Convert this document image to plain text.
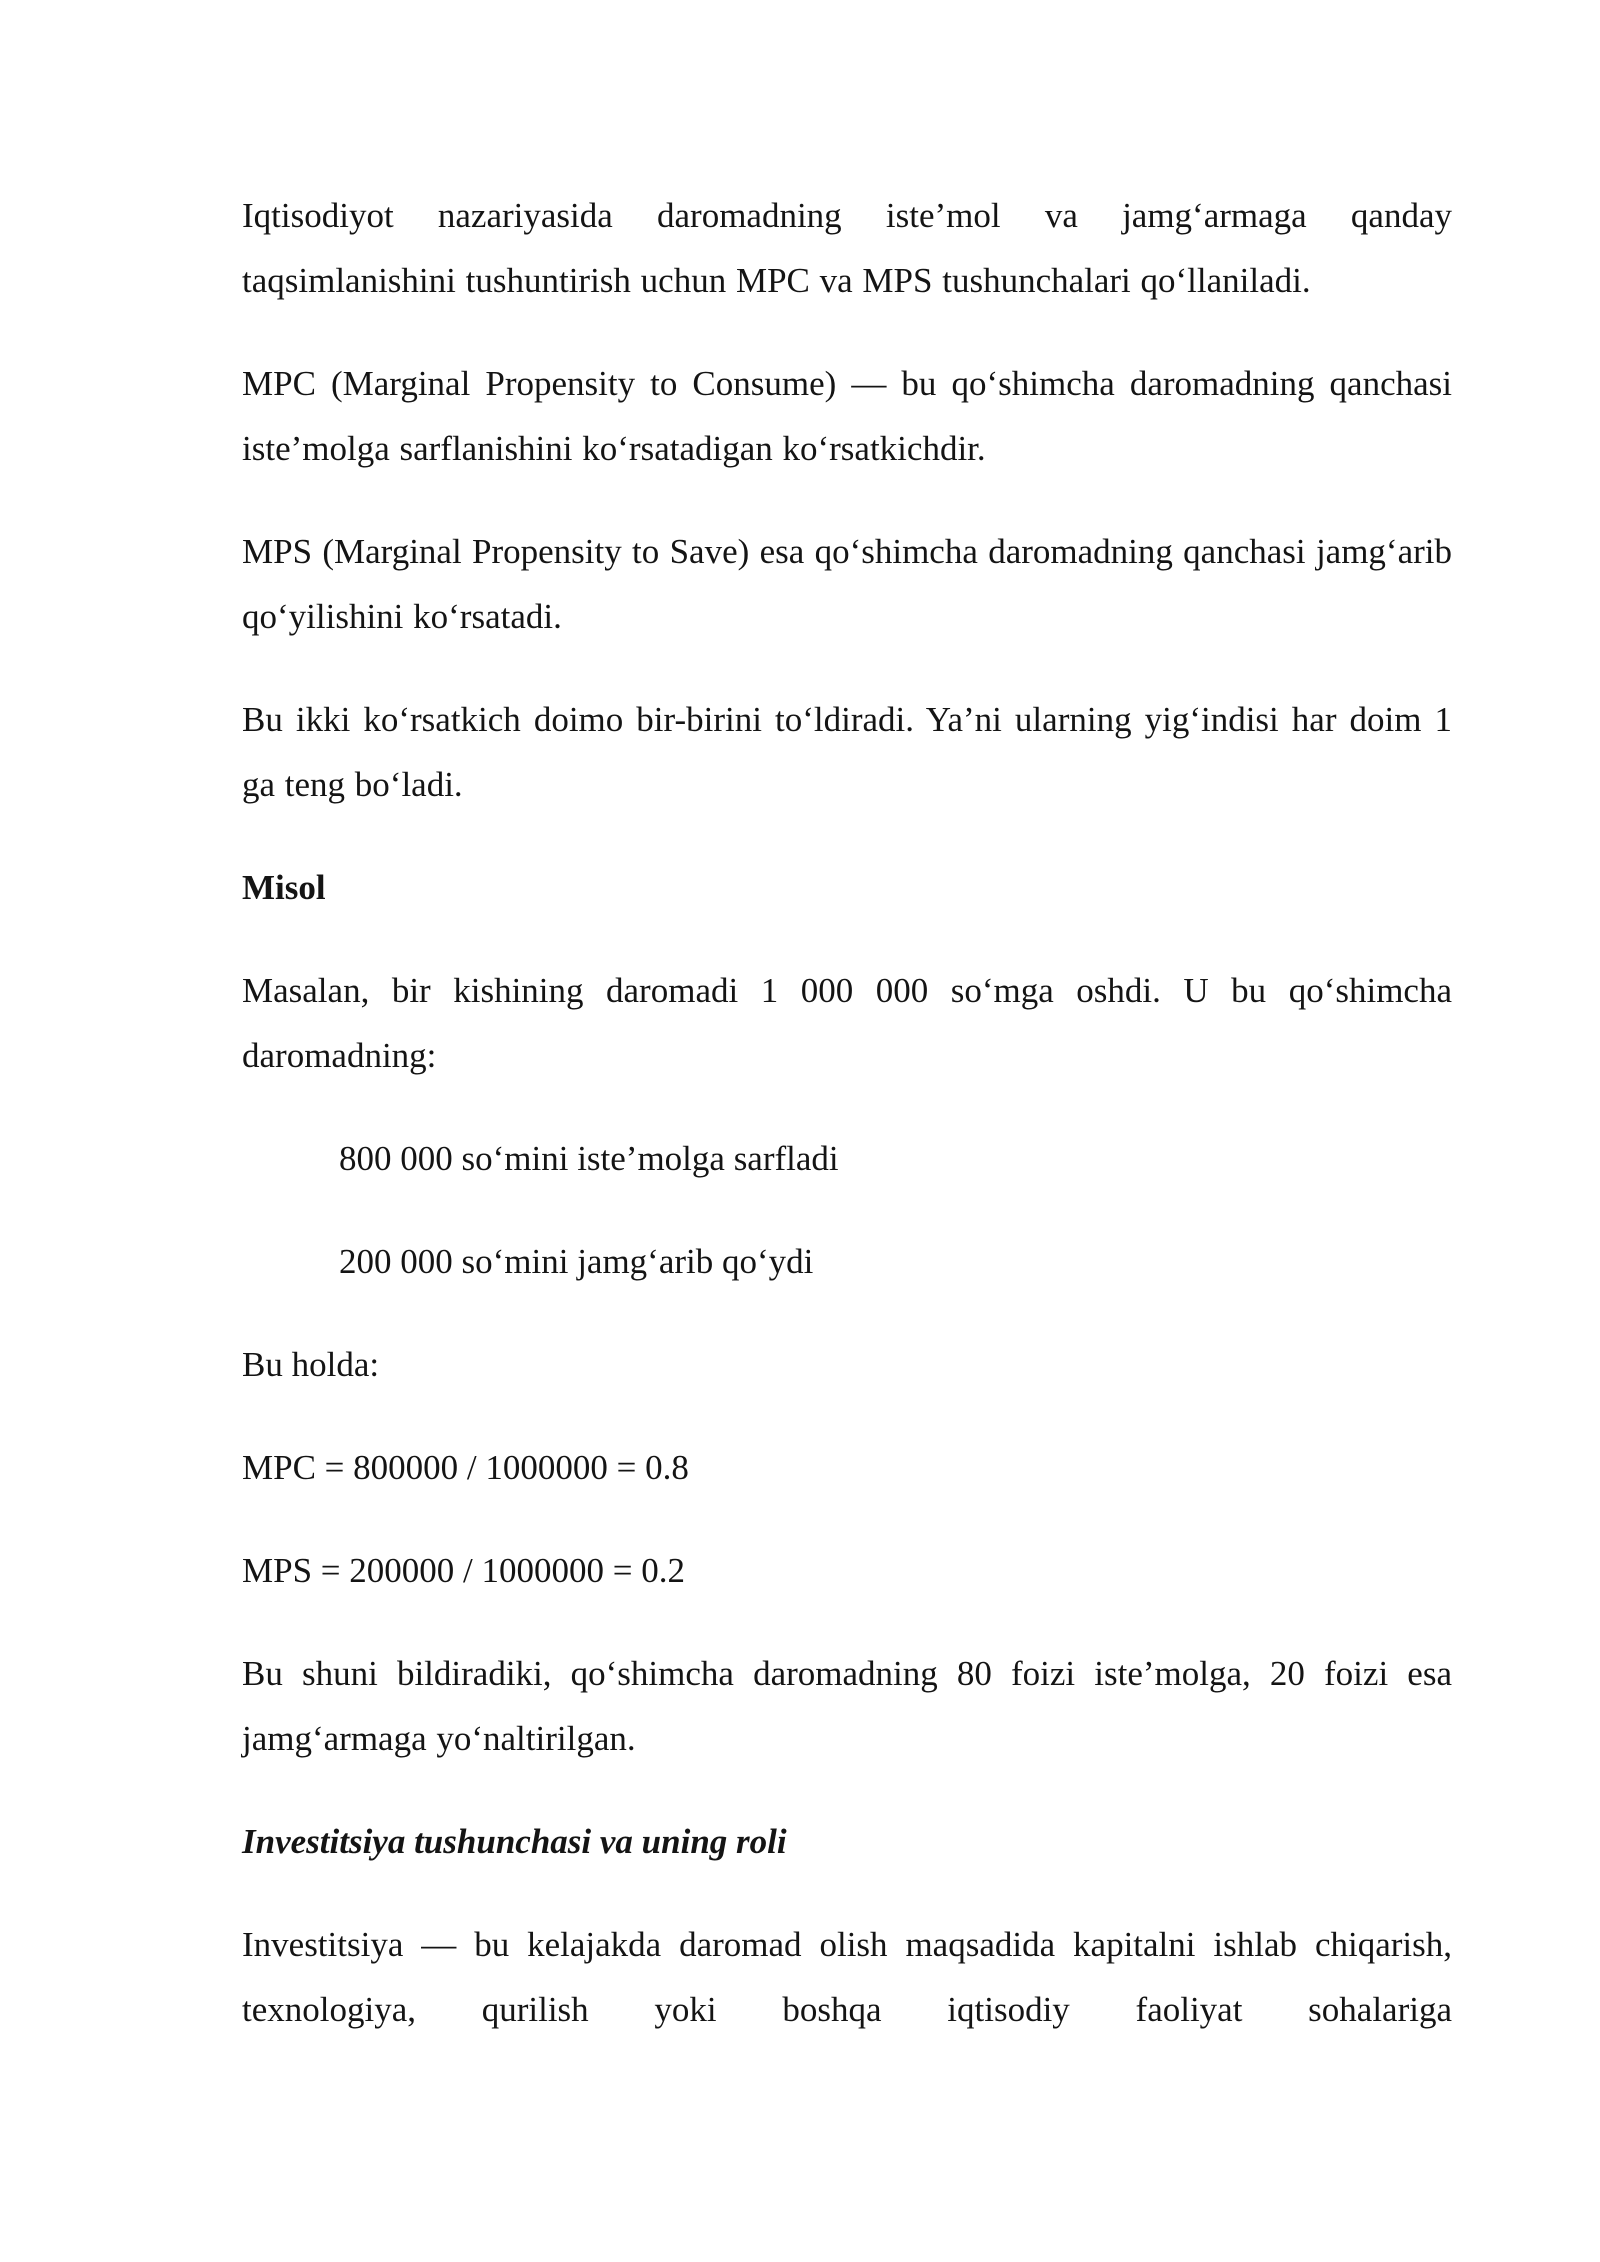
Iqtisodiyot nazariyasida daromadning iste’mol va jamg‘armaga qanday taqsimlanishini tushuntirish uchun MPC va MPS tushunchalari qo‘llaniladi.

MPC (Marginal Propensity to Consume) — bu qo‘shimcha daromadning qanchasi iste’molga sarflanishini ko‘rsatadigan ko‘rsatkichdir.

MPS (Marginal Propensity to Save) esa qo‘shimcha daromadning qanchasi jamg‘arib qo‘yilishini ko‘rsatadi.

Bu ikki ko‘rsatkich doimo bir-birini to‘ldiradi. Ya’ni ularning yig‘indisi har doim 1 ga teng bo‘ladi.

Misol

Masalan, bir kishining daromadi 1 000 000 so‘mga oshdi. U bu qo‘shimcha daromadning:

800 000 so‘mini iste’molga sarfladi

200 000 so‘mini jamg‘arib qo‘ydi

Bu holda:

MPC = 800000 / 1000000 = 0.8

MPS = 200000 / 1000000 = 0.2

Bu shuni bildiradiki, qo‘shimcha daromadning 80 foizi iste’molga, 20 foizi esa jamg‘armaga yo‘naltirilgan.

Investitsiya tushunchasi va uning roli

Investitsiya — bu kelajakda daromad olish maqsadida kapitalni ishlab chiqarish, texnologiya, qurilish yoki boshqa iqtisodiy faoliyat sohalariga
